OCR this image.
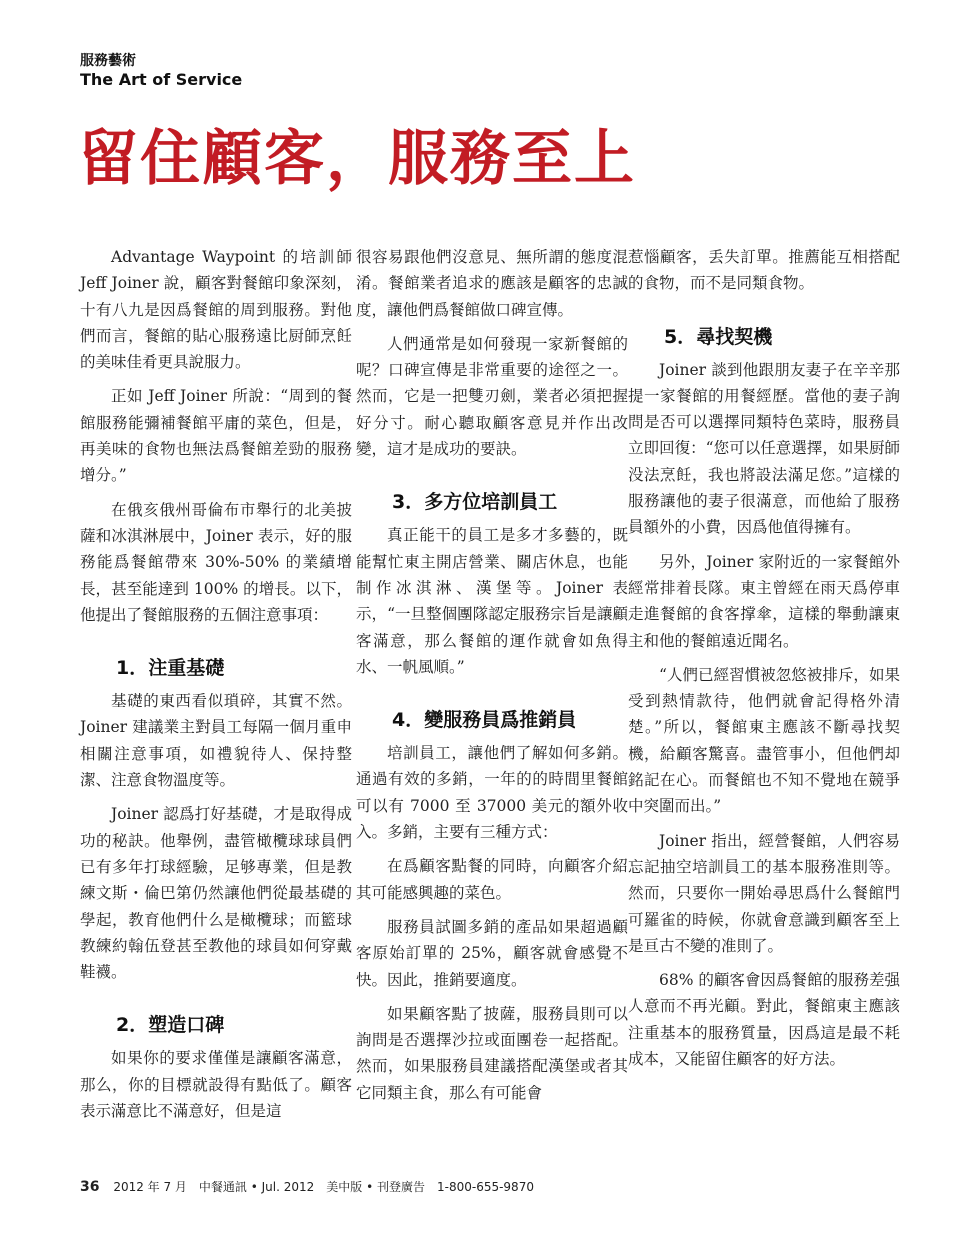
服務藝術
The Art of Service
留住顧客，服務至上

Advantage Waypoint 的培訓師 Jeff Joiner 說，顧客對餐館印象深刻，十有八九是因爲餐館的周到服務。對他們而言，餐館的貼心服務遠比厨師烹飪的美味佳肴更具說服力。

正如 Jeff Joiner 所說：“周到的餐館服務能彌補餐館平庸的菜色，但是，再美味的食物也無法爲餐館差勁的服務增分。”

在俄亥俄州哥倫布市舉行的北美披薩和冰淇淋展中，Joiner 表示，好的服務能爲餐館帶來 30%-50% 的業績增長，甚至能達到 100% 的增長。以下，他提出了餐館服務的五個注意事項：

1．注重基礎

基礎的東西看似瑣碎，其實不然。Joiner 建議業主對員工每隔一個月重申相關注意事項，如禮貌待人、保持整潔、注意食物溫度等。

Joiner 認爲打好基礎，才是取得成功的秘訣。他舉例，盡管橄欖球球員們已有多年打球經驗，足够專業，但是教練文斯・倫巴第仍然讓他們從最基礎的學起，教育他們什么是橄欖球；而籃球教練約翰伍登甚至教他的球員如何穿戴鞋襪。

2．塑造口碑

如果你的要求僅僅是讓顧客滿意，那么，你的目標就設得有點低了。顧客表示滿意比不滿意好，但是這

很容易跟他們沒意見、無所謂的態度混淆。餐館業者追求的應該是顧客的忠誠度，讓他們爲餐館做口碑宣傳。

人們通常是如何發現一家新餐館的呢？口碑宣傳是非常重要的途徑之一。然而，它是一把雙刃劍，業者必須把握好分寸。耐心聽取顧客意見并作出改變，這才是成功的要訣。

3．多方位培訓員工

真正能干的員工是多才多藝的，既能幫忙東主開店營業、關店休息，也能制作冰淇淋、漢堡等。Joiner 表示，“一旦整個團隊認定服務宗旨是讓顧客滿意，那么餐館的運作就會如魚得水、一帆風順。”

4．變服務員爲推銷員

培訓員工，讓他們了解如何多銷。通過有效的多銷，一年的的時間里餐館可以有 7000 至 37000 美元的額外收入。多銷，主要有三種方式：

在爲顧客點餐的同時，向顧客介紹其可能感興趣的菜色。

服務員試圖多銷的產品如果超過顧客原始訂單的 25%，顧客就會感覺不快。因此，推銷要適度。

如果顧客點了披薩，服務員則可以詢問是否選擇沙拉或面團卷一起搭配。然而，如果服務員建議搭配漢堡或者其它同類主食，那么有可能會

惹惱顧客，丢失訂單。推薦能互相搭配的食物，而不是同類食物。

5．尋找契機

Joiner 談到他跟朋友妻子在辛辛那提一家餐館的用餐經歷。當他的妻子詢問是否可以選擇同類特色菜時，服務員立即回復：“您可以任意選擇，如果厨師没法烹飪，我也將設法滿足您。”這樣的服務讓他的妻子很滿意，而他給了服務員額外的小費，因爲他值得擁有。

另外，Joiner 家附近的一家餐館外經常排着長隊。東主曾經在雨天爲停車走進餐館的食客撑傘，這樣的舉動讓東主和他的餐館遠近聞名。

“人們已經習慣被忽悠被排斥，如果受到熱情款待，他們就會記得格外清楚。”所以，餐館東主應該不斷尋找契機，給顧客驚喜。盡管事小，但他們却銘記在心。而餐館也不知不覺地在競爭中突圍而出。”

Joiner 指出，經營餐館，人們容易忘記抽空培訓員工的基本服務准則等。然而，只要你一開始尋思爲什么餐館門可羅雀的時候，你就會意識到顧客至上是亘古不變的准則了。

68% 的顧客會因爲餐館的服務差强人意而不再光顧。對此，餐館東主應該注重基本的服務質量，因爲這是最不耗成本，又能留住顧客的好方法。

36 2012 年 7 月　中餐通訊 • Jul. 2012　美中版 • 刊登廣告　1-800-655-9870
